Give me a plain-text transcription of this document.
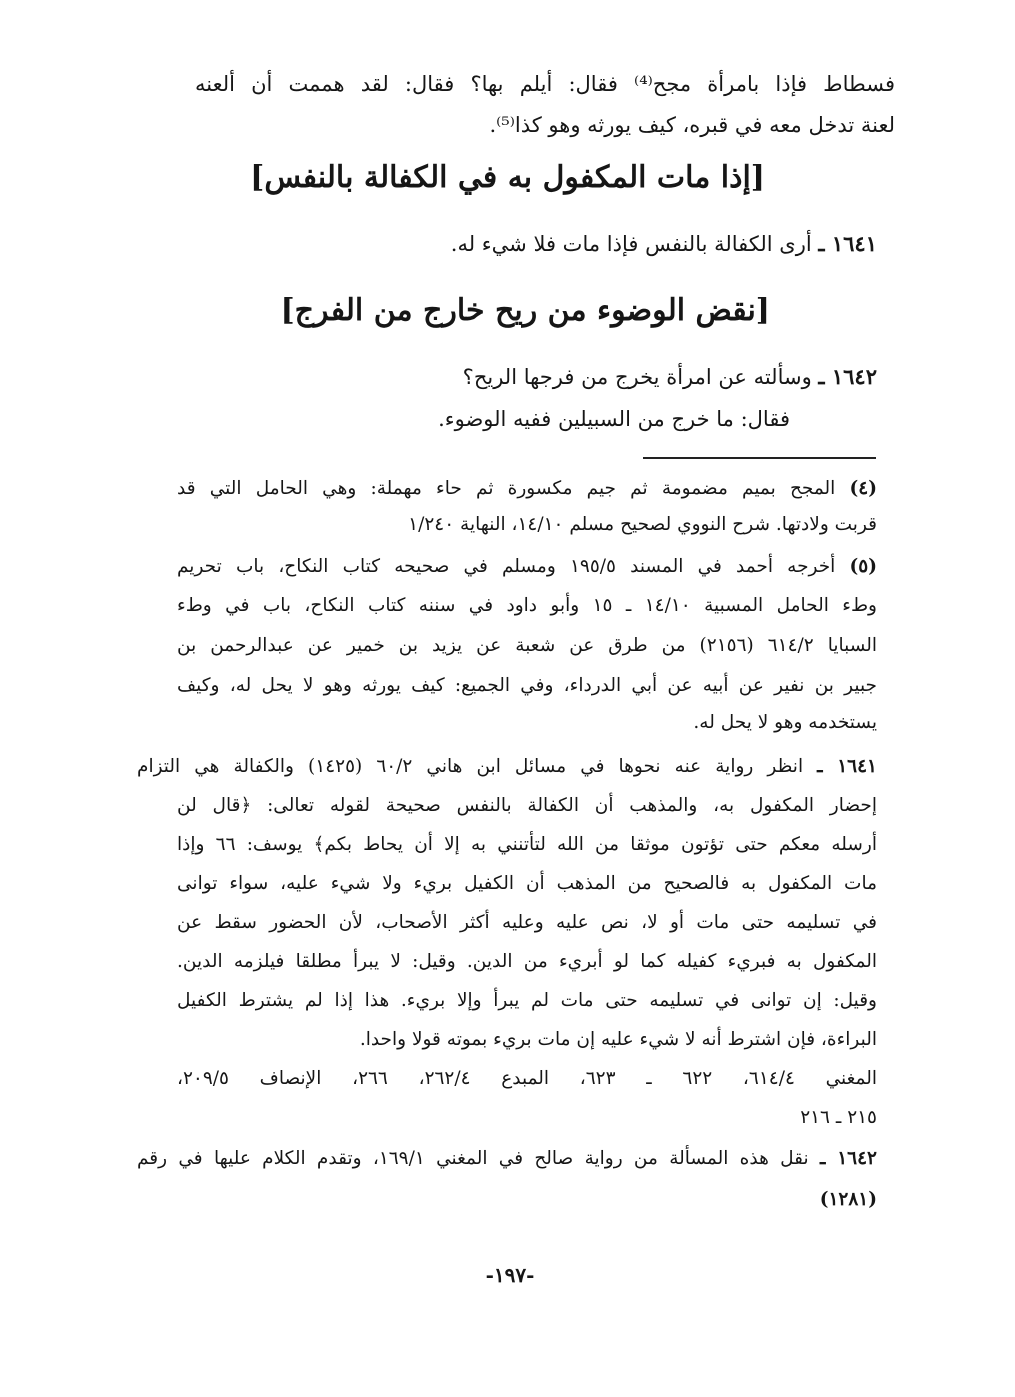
فسطاط فإذا بامرأة مجح⁽⁴⁾ فقال: أيلم بها؟ فقال: لقد هممت أن ألعنه

لعنة تدخل معه في قبره، كيف يورثه وهو كذا⁽⁵⁾.

[إذا مات المكفول به في الكفالة بالنفس]
١٦٤١ ـ أرى الكفالة بالنفس فإذا مات فلا شيء له.
[نقض الوضوء من ريح خارج من الفرج]
١٦٤٢ ـ وسألته عن امرأة يخرج من فرجها الريح؟

فقال: ما خرج من السبيلين ففيه الوضوء.

(٤) المجح بميم مضمومة ثم جيم مكسورة ثم حاء مهملة: وهي الحامل التي قد

قربت ولادتها. شرح النووي لصحيح مسلم ١٤/١٠، النهاية ١/٢٤٠

(٥) أخرجه أحمد في المسند ١٩٥/٥ ومسلم في صحيحه كتاب النكاح، باب تحريم

وطء الحامل المسبية ١٤/١٠ ـ ١٥ وأبو داود في سننه كتاب النكاح، باب في وطء

السبايا ٦١٤/٢ (٢١٥٦) من طرق عن شعبة عن يزيد بن خمير عن عبدالرحمن بن

جبير بن نفير عن أبيه عن أبي الدرداء، وفي الجميع: كيف يورثه وهو لا يحل له، وكيف

يستخدمه وهو لا يحل له.

١٦٤١ ـ انظر رواية عنه نحوها في مسائل ابن هاني ٦٠/٢ (١٤٢٥) والكفالة هي التزام

إحضار المكفول به، والمذهب أن الكفالة بالنفس صحيحة لقوله تعالى: ﴿قال لن

أرسله معكم حتى تؤتون موثقا من الله لتأتنني به إلا أن يحاط بكم﴾ يوسف: ٦٦ وإذا

مات المكفول به فالصحيح من المذهب أن الكفيل بريء ولا شيء عليه، سواء توانى

في تسليمه حتى مات أو لا، نص عليه وعليه أكثر الأصحاب، لأن الحضور سقط عن

المكفول به فبريء كفيله كما لو أبريء من الدين. وقيل: لا يبرأ مطلقا فيلزمه الدين.

وقيل: إن توانى في تسليمه حتى مات لم يبرأ وإلا بريء. هذا إذا لم يشترط الكفيل

البراءة، فإن اشترط أنه لا شيء عليه إن مات بريء بموته قولا واحدا.

المغني ٦١٤/٤، ٦٢٢ ـ ٦٢٣، المبدع ٢٦٢/٤، ٢٦٦، الإنصاف ٢٠٩/٥،

٢١٥ ـ ٢١٦

١٦٤٢ ـ نقل هذه المسألة من رواية صالح في المغني ١٦٩/١، وتقدم الكلام عليها في رقم

(١٢٨١)

-١٩٧-
